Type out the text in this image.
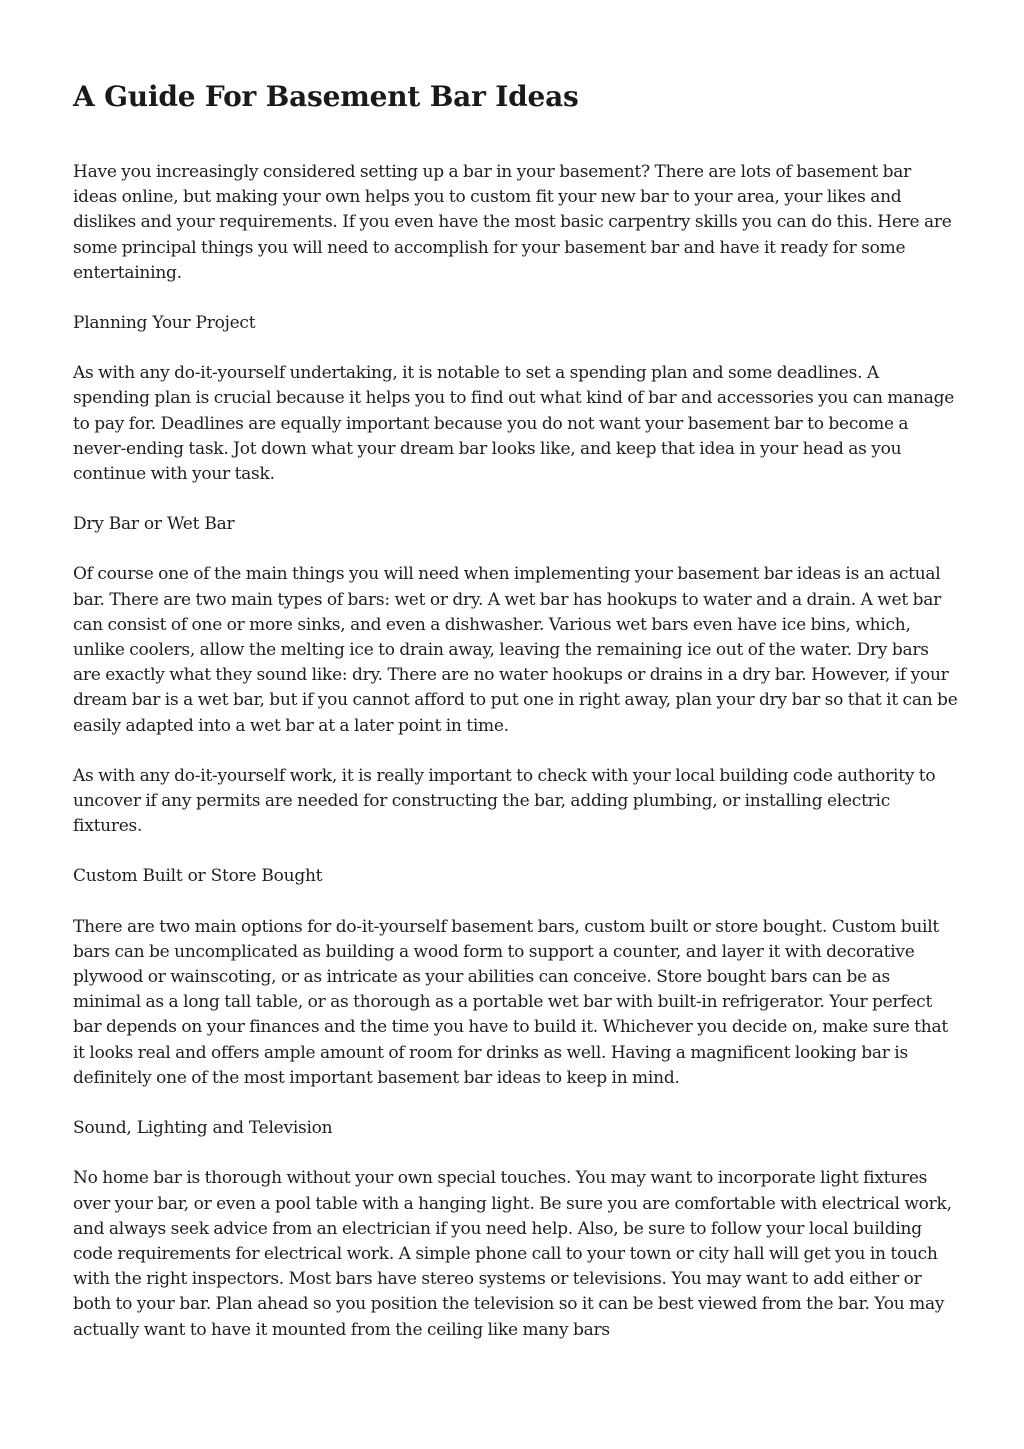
A Guide For Basement Bar Ideas

Have you increasingly considered setting up a bar in your basement? There are lots of basement bar ideas online, but making your own helps you to custom fit your new bar to your area, your likes and dislikes and your requirements. If you even have the most basic carpentry skills you can do this. Here are some principal things you will need to accomplish for your basement bar and have it ready for some entertaining.

Planning Your Project

As with any do-it-yourself undertaking, it is notable to set a spending plan and some deadlines. A spending plan is crucial because it helps you to find out what kind of bar and accessories you can manage to pay for. Deadlines are equally important because you do not want your basement bar to become a never-ending task. Jot down what your dream bar looks like, and keep that idea in your head as you continue with your task.

Dry Bar or Wet Bar

Of course one of the main things you will need when implementing your basement bar ideas is an actual bar. There are two main types of bars: wet or dry. A wet bar has hookups to water and a drain. A wet bar can consist of one or more sinks, and even a dishwasher. Various wet bars even have ice bins, which, unlike coolers, allow the melting ice to drain away, leaving the remaining ice out of the water. Dry bars are exactly what they sound like: dry. There are no water hookups or drains in a dry bar. However, if your dream bar is a wet bar, but if you cannot afford to put one in right away, plan your dry bar so that it can be easily adapted into a wet bar at a later point in time.

As with any do-it-yourself work, it is really important to check with your local building code authority to uncover if any permits are needed for constructing the bar, adding plumbing, or installing electric fixtures.

Custom Built or Store Bought

There are two main options for do-it-yourself basement bars, custom built or store bought. Custom built bars can be uncomplicated as building a wood form to support a counter, and layer it with decorative plywood or wainscoting, or as intricate as your abilities can conceive. Store bought bars can be as minimal as a long tall table, or as thorough as a portable wet bar with built-in refrigerator. Your perfect bar depends on your finances and the time you have to build it. Whichever you decide on, make sure that it looks real and offers ample amount of room for drinks as well. Having a magnificent looking bar is definitely one of the most important basement bar ideas to keep in mind.

Sound, Lighting and Television

No home bar is thorough without your own special touches. You may want to incorporate light fixtures over your bar, or even a pool table with a hanging light. Be sure you are comfortable with electrical work, and always seek advice from an electrician if you need help. Also, be sure to follow your local building code requirements for electrical work. A simple phone call to your town or city hall will get you in touch with the right inspectors. Most bars have stereo systems or televisions. You may want to add either or both to your bar. Plan ahead so you position the television so it can be best viewed from the bar. You may actually want to have it mounted from the ceiling like many bars
